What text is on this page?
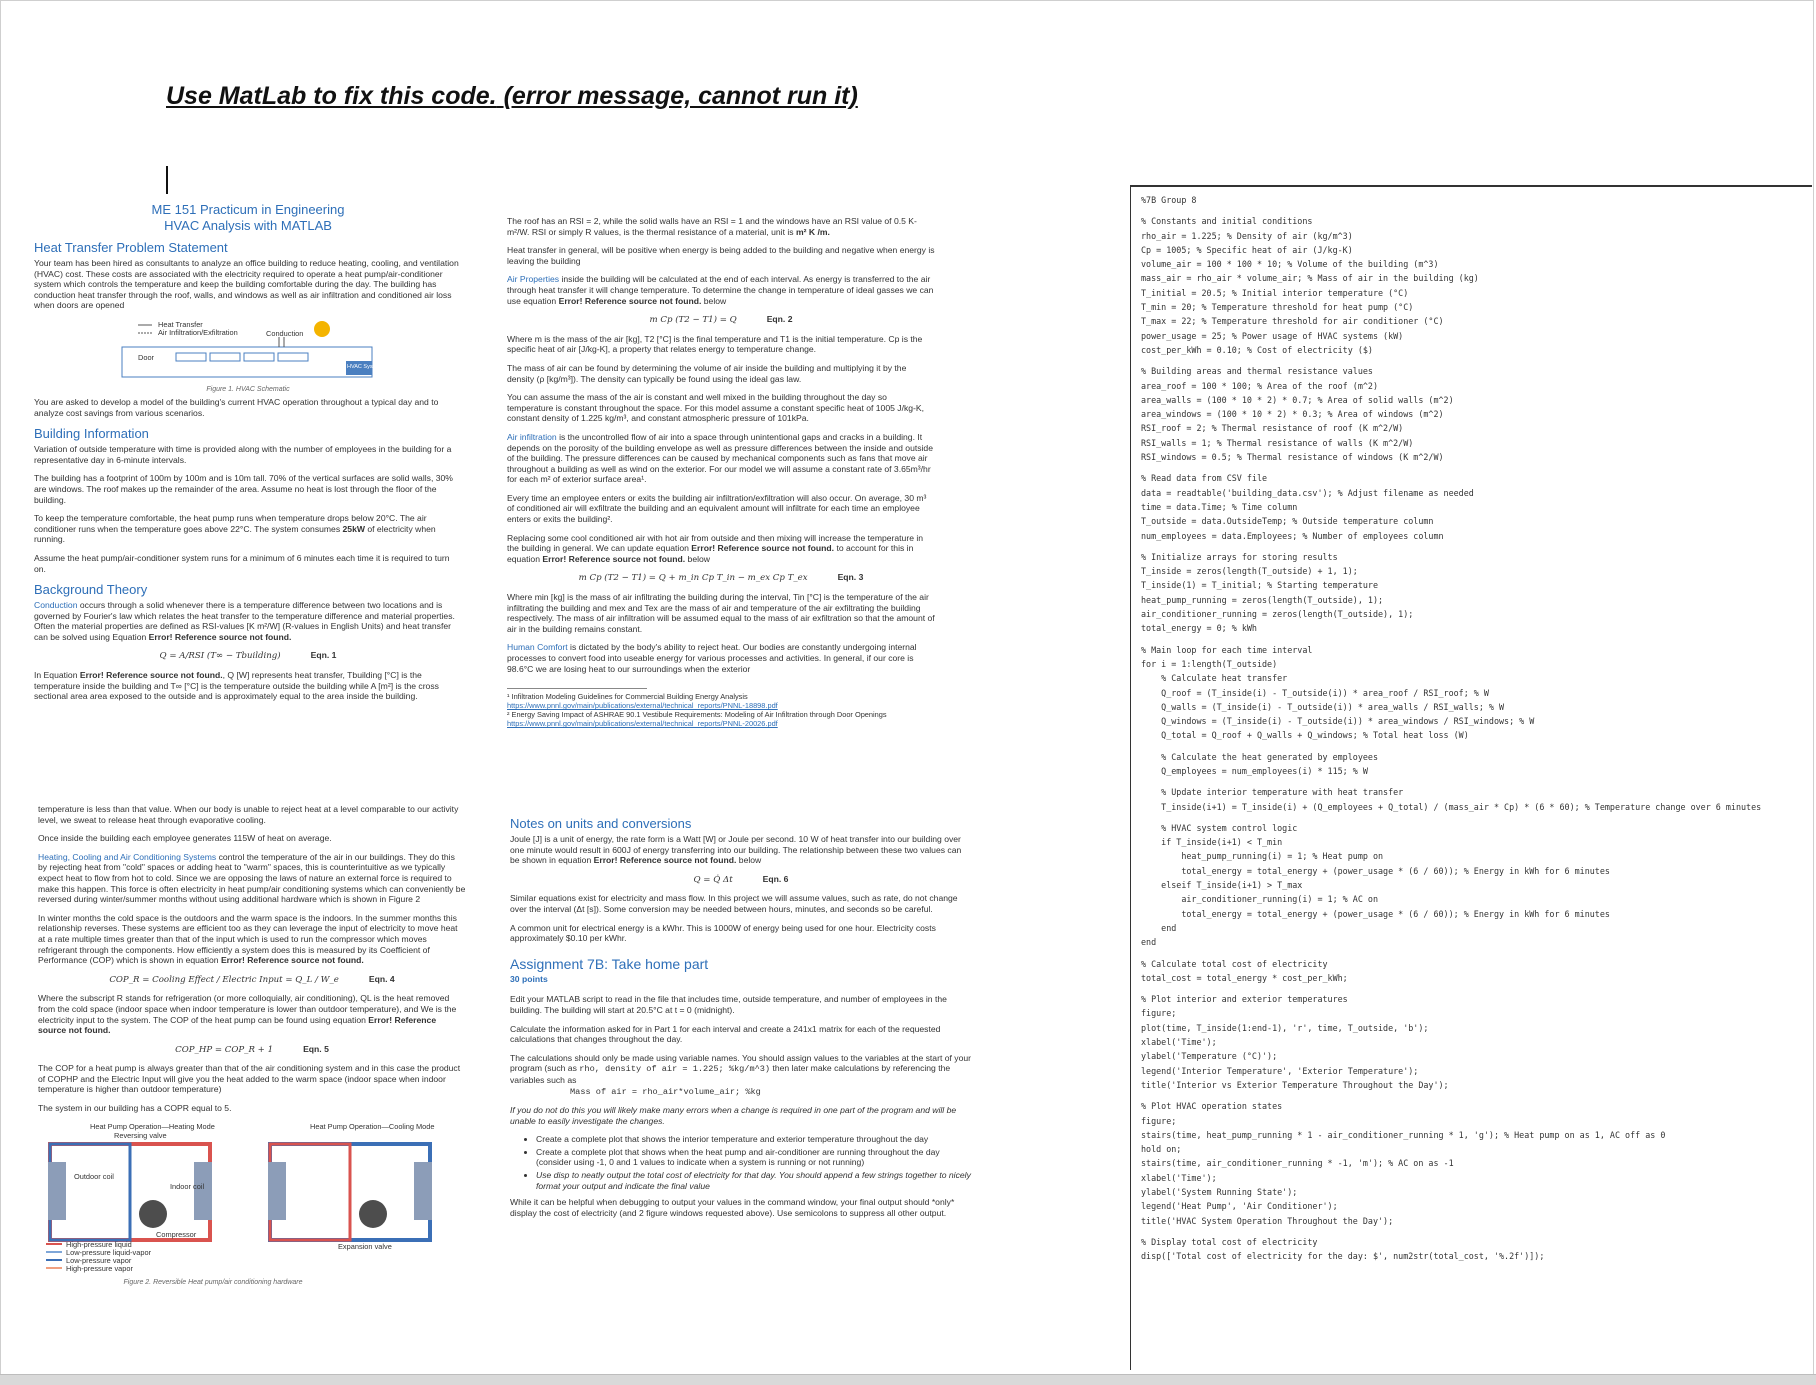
Use MatLab to fix this code. (error message, cannot run it)
ME 151 Practicum in Engineering
HVAC Analysis with MATLAB
Heat Transfer Problem Statement

Your team has been hired as consultants to analyze an office building to reduce heating, cooling, and ventilation (HVAC) cost. These costs are associated with the electricity required to operate a heat pump/air-conditioner system which controls the temperature and keep the building comfortable during the day. The building has conduction heat transfer through the roof, walls, and windows as well as air infiltration and conditioned air loss when doors are opened

Heat Transfer
Air Infiltration/Exfiltration	Conduction
Door
HVAC System
Figure 1. HVAC Schematic

You are asked to develop a model of the building's current HVAC operation throughout a typical day and to analyze cost savings from various scenarios.

Building Information

Variation of outside temperature with time is provided along with the number of employees in the building for a representative day in 6-minute intervals.

The building has a footprint of 100m by 100m and is 10m tall. 70% of the vertical surfaces are solid walls, 30% are windows. The roof makes up the remainder of the area. Assume no heat is lost through the floor of the building.

To keep the temperature comfortable, the heat pump runs when temperature drops below 20°C. The air conditioner runs when the temperature goes above 22°C. The system consumes 25kW of electricity when running.

Assume the heat pump/air-conditioner system runs for a minimum of 6 minutes each time it is required to turn on.

Background Theory

Conduction occurs through a solid whenever there is a temperature difference between two locations and is governed by Fourier's law which relates the heat transfer to the temperature difference and material properties. Often the material properties are defined as RSI-values [K m²/W] (R-values in English Units) and heat transfer can be solved using Equation Error! Reference source not found.

Q = A/RSI (T∞ − Tbuilding)	Eqn. 1

In Equation Error! Reference source not found., Q [W] represents heat transfer, Tbuilding [°C] is the temperature inside the building and T∞ [°C] is the temperature outside the building while A [m²] is the cross sectional area area exposed to the outside and is approximately equal to the area inside the building.

temperature is less than that value. When our body is unable to reject heat at a level comparable to our activity level, we sweat to release heat through evaporative cooling.

Once inside the building each employee generates 115W of heat on average.

Heating, Cooling and Air Conditioning Systems control the temperature of the air in our buildings. They do this by rejecting heat from "cold" spaces or adding heat to "warm" spaces, this is counterintuitive as we typically expect heat to flow from hot to cold. Since we are opposing the laws of nature an external force is required to make this happen. This force is often electricity in heat pump/air conditioning systems which can conveniently be reversed during winter/summer months without using additional hardware which is shown in Figure 2

In winter months the cold space is the outdoors and the warm space is the indoors. In the summer months this relationship reverses. These systems are efficient too as they can leverage the input of electricity to move heat at a rate multiple times greater than that of the input which is used to run the compressor which moves refrigerant through the components. How efficiently a system does this is measured by its Coefficient of Performance (COP) which is shown in equation Error! Reference source not found.

COP_R = Cooling Effect / Electric Input = Q_L / W_e	Eqn. 4

Where the subscript R stands for refrigeration (or more colloquially, air conditioning), QL is the heat removed from the cold space (indoor space when indoor temperature is lower than outdoor temperature), and We is the electricity input to the system. The COP of the heat pump can be found using equation Error! Reference source not found.

COP_HP = COP_R + 1	Eqn. 5

The COP for a heat pump is always greater than that of the air conditioning system and in this case the product of COPHP and the Electric Input will give you the heat added to the warm space (indoor space when indoor temperature is higher than outdoor temperature)

The system in our building has a COPR equal to 5.

Heat Pump Operation—Heating Mode	Heat Pump Operation—Cooling Mode
Reversing valve
Outdoor coil
Indoor coil
Compressor
Expansion valve
High-pressure liquid
Low-pressure liquid-vapor
Low-pressure vapor
High-pressure vapor
Figure 2. Reversible Heat pump/air conditioning hardware

The roof has an RSI = 2, while the solid walls have an RSI = 1 and the windows have an RSI value of 0.5 K-m²/W. RSI or simply R values, is the thermal resistance of a material, unit is m² K /m.

Heat transfer in general, will be positive when energy is being added to the building and negative when energy is leaving the building

Air Properties inside the building will be calculated at the end of each interval. As energy is transferred to the air through heat transfer it will change temperature. To determine the change in temperature of ideal gasses we can use equation Error! Reference source not found. below

m Cp (T2 − T1) = Q	Eqn. 2

Where m is the mass of the air [kg], T2 [°C] is the final temperature and T1 is the initial temperature. Cp is the specific heat of air [J/kg-K], a property that relates energy to temperature change.

The mass of air can be found by determining the volume of air inside the building and multiplying it by the density (ρ [kg/m³]). The density can typically be found using the ideal gas law.

You can assume the mass of the air is constant and well mixed in the building throughout the day so temperature is constant throughout the space. For this model assume a constant specific heat of 1005 J/kg-K, constant density of 1.225 kg/m³, and constant atmospheric pressure of 101kPa.

Air infiltration is the uncontrolled flow of air into a space through unintentional gaps and cracks in a building. It depends on the porosity of the building envelope as well as pressure differences between the inside and outside of the building. The pressure differences can be caused by mechanical components such as fans that move air throughout a building as well as wind on the exterior. For our model we will assume a constant rate of 3.65m³/hr for each m² of exterior surface area¹.

Every time an employee enters or exits the building air infiltration/exfiltration will also occur. On average, 30 m³ of conditioned air will exfiltrate the building and an equivalent amount will infiltrate for each time an employee enters or exits the building².

Replacing some cool conditioned air with hot air from outside and then mixing will increase the temperature in the building in general. We can update equation Error! Reference source not found. to account for this in equation Error! Reference source not found. below

m Cp (T2 − T1) = Q + m_in Cp T_in − m_ex Cp T_ex	Eqn. 3

Where min [kg] is the mass of air infiltrating the building during the interval, Tin [°C] is the temperature of the air infiltrating the building and mex and Tex are the mass of air and temperature of the air exfiltrating the building respectively. The mass of air infiltration will be assumed equal to the mass of air exfiltration so that the amount of air in the building remains constant.

Human Comfort is dictated by the body's ability to reject heat. Our bodies are constantly undergoing internal processes to convert food into useable energy for various processes and activities. In general, if our core is 98.6°C we are losing heat to our surroundings when the exterior

¹ Infiltration Modeling Guidelines for Commercial Building Energy Analysis
https://www.pnnl.gov/main/publications/external/technical_reports/PNNL-18898.pdf
² Energy Saving Impact of ASHRAE 90.1 Vestibule Requirements: Modeling of Air Infiltration through Door Openings
https://www.pnnl.gov/main/publications/external/technical_reports/PNNL-20026.pdf
Notes on units and conversions

Joule [J] is a unit of energy, the rate form is a Watt [W] or Joule per second. 10 W of heat transfer into our building over one minute would result in 600J of energy transferring into our building. The relationship between these two values can be shown in equation Error! Reference source not found. below

Q = Q̇ Δt	Eqn. 6

Similar equations exist for electricity and mass flow. In this project we will assume values, such as rate, do not change over the interval (Δt [s]). Some conversion may be needed between hours, minutes, and seconds so be careful.

A common unit for electrical energy is a kWhr. This is 1000W of energy being used for one hour. Electricity costs approximately $0.10 per kWhr.

Assignment 7B: Take home part
30 points

Edit your MATLAB script to read in the file that includes time, outside temperature, and number of employees in the building. The building will start at 20.5°C at t = 0 (midnight).

Calculate the information asked for in Part 1 for each interval and create a 241x1 matrix for each of the requested calculations that changes throughout the day.

The calculations should only be made using variable names. You should assign values to the variables at the start of your program (such as rho, density of air = 1.225; %kg/m^3) then later make calculations by referencing the variables such as
Mass of air = rho_air*volume_air; %kg

If you do not do this you will likely make many errors when a change is required in one part of the program and will be unable to easily investigate the changes.

• Create a complete plot that shows the interior temperature and exterior temperature throughout the day
• Create a complete plot that shows when the heat pump and air-conditioner are running throughout the day (consider using -1, 0 and 1 values to indicate when a system is running or not running)
• Use disp to neatly output the total cost of electricity for that day. You should append a few strings together to nicely format your output and indicate the final value

While it can be helpful when debugging to output your values in the command window, your final output should *only* display the cost of electricity (and 2 figure windows requested above). Use semicolons to suppress all other output.

%7B Group 8
% Constants and initial conditions
rho_air = 1.225; % Density of air (kg/m^3)
Cp = 1005; % Specific heat of air (J/kg-K)
volume_air = 100 * 100 * 10; % Volume of the building (m^3)
mass_air = rho_air * volume_air; % Mass of air in the building (kg)
T_initial = 20.5; % Initial interior temperature (°C)
T_min = 20; % Temperature threshold for heat pump (°C)
T_max = 22; % Temperature threshold for air conditioner (°C)
power_usage = 25; % Power usage of HVAC systems (kW)
cost_per_kWh = 0.10; % Cost of electricity ($)
% Building areas and thermal resistance values
area_roof = 100 * 100; % Area of the roof (m^2)
area_walls = (100 * 10 * 2) * 0.7; % Area of solid walls (m^2)
area_windows = (100 * 10 * 2) * 0.3; % Area of windows (m^2)
RSI_roof = 2; % Thermal resistance of roof (K m^2/W)
RSI_walls = 1; % Thermal resistance of walls (K m^2/W)
RSI_windows = 0.5; % Thermal resistance of windows (K m^2/W)
% Read data from CSV file
data = readtable('building_data.csv'); % Adjust filename as needed
time = data.Time; % Time column
T_outside = data.OutsideTemp; % Outside temperature column
num_employees = data.Employees; % Number of employees column
% Initialize arrays for storing results
T_inside = zeros(length(T_outside) + 1, 1);
T_inside(1) = T_initial; % Starting temperature
heat_pump_running = zeros(length(T_outside), 1);
air_conditioner_running = zeros(length(T_outside), 1);
total_energy = 0; % kWh
% Main loop for each time interval
for i = 1:length(T_outside)
% Calculate heat transfer
Q_roof = (T_inside(i) - T_outside(i)) * area_roof / RSI_roof; % W
Q_walls = (T_inside(i) - T_outside(i)) * area_walls / RSI_walls; % W
Q_windows = (T_inside(i) - T_outside(i)) * area_windows / RSI_windows; % W
Q_total = Q_roof + Q_walls + Q_windows; % Total heat loss (W)
% Calculate the heat generated by employees
Q_employees = num_employees(i) * 115; % W
% Update interior temperature with heat transfer
T_inside(i+1) = T_inside(i) + (Q_employees + Q_total) / (mass_air * Cp) * (6 * 60); % Temperature change over 6 minutes
% HVAC system control logic
if T_inside(i+1) < T_min
heat_pump_running(i) = 1; % Heat pump on
total_energy = total_energy + (power_usage * (6 / 60)); % Energy in kWh for 6 minutes
elseif T_inside(i+1) > T_max
air_conditioner_running(i) = 1; % AC on
total_energy = total_energy + (power_usage * (6 / 60)); % Energy in kWh for 6 minutes
end
end
% Calculate total cost of electricity
total_cost = total_energy * cost_per_kWh;
% Plot interior and exterior temperatures
figure;
plot(time, T_inside(1:end-1), 'r', time, T_outside, 'b');
xlabel('Time');
ylabel('Temperature (°C)');
legend('Interior Temperature', 'Exterior Temperature');
title('Interior vs Exterior Temperature Throughout the Day');
% Plot HVAC operation states
figure;
stairs(time, heat_pump_running * 1 - air_conditioner_running * 1, 'g'); % Heat pump on as 1, AC off as 0
hold on;
stairs(time, air_conditioner_running * -1, 'm'); % AC on as -1
xlabel('Time');
ylabel('System Running State');
legend('Heat Pump', 'Air Conditioner');
title('HVAC System Operation Throughout the Day');
% Display total cost of electricity
disp(['Total cost of electricity for the day: $', num2str(total_cost, '%.2f')]);
